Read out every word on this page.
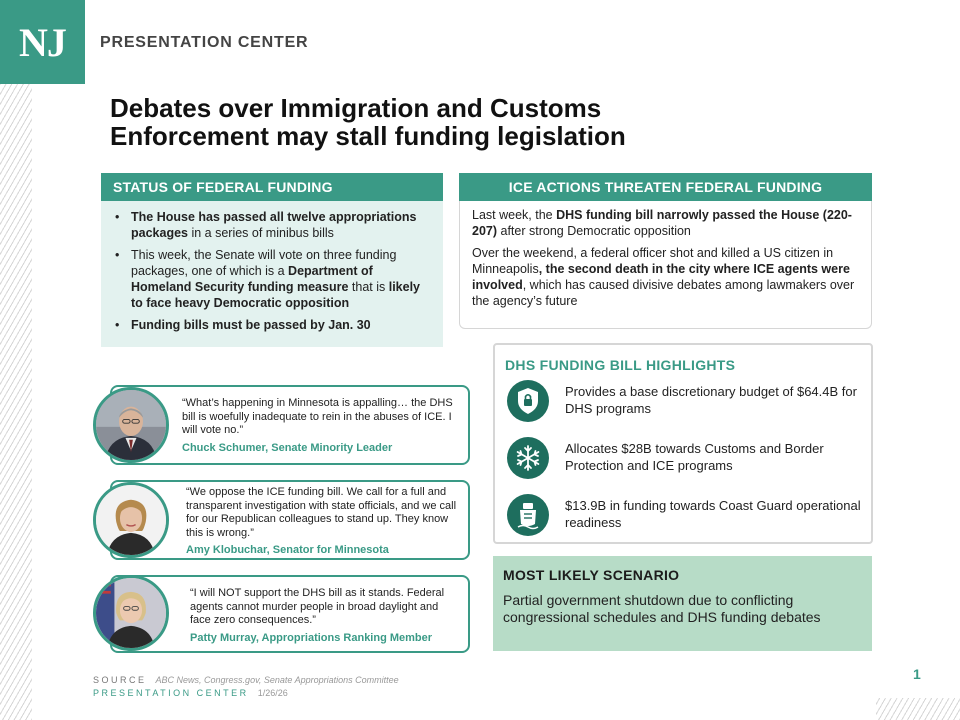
NJ	PRESENTATION CENTER
Debates over Immigration and Customs
Enforcement may stall funding legislation
STATUS OF FEDERAL FUNDING
• The House has passed all twelve appropriations packages in a series of minibus bills
• This week, the Senate will vote on three funding packages, one of which is a Department of Homeland Security funding measure that is likely to face heavy Democratic opposition
• Funding bills must be passed by Jan. 30
ICE ACTIONS THREATEN FEDERAL FUNDING

Last week, the DHS funding bill narrowly passed the House (220-207) after strong Democratic opposition

Over the weekend, a federal officer shot and killed a US citizen in Minneapolis, the second death in the city where ICE agents were involved, which has caused divisive debates among lawmakers over the agency’s future

“What’s happening in Minnesota is appalling… the DHS bill is woefully inadequate to rein in the abuses of ICE. I will vote no.”
Chuck Schumer, Senate Minority Leader
“We oppose the ICE funding bill. We call for a full and transparent investigation with state officials, and we call for our Republican colleagues to stand up. They know this is wrong.”
Amy Klobuchar, Senator for Minnesota
“I will NOT support the DHS bill as it stands. Federal agents cannot murder people in broad daylight and face zero consequences.”
Patty Murray, Appropriations Ranking Member
DHS FUNDING BILL HIGHLIGHTS
Provides a base discretionary budget of $64.4B for DHS programs
Allocates $28B towards Customs and Border Protection and ICE programs
$13.9B in funding towards Coast Guard operational readiness
MOST LIKELY SCENARIO
Partial government shutdown due to conflicting congressional schedules and DHS funding debates
SOURCE ABC News, Congress.gov, Senate Appropriations Committee
PRESENTATION CENTER 1/26/26
1
